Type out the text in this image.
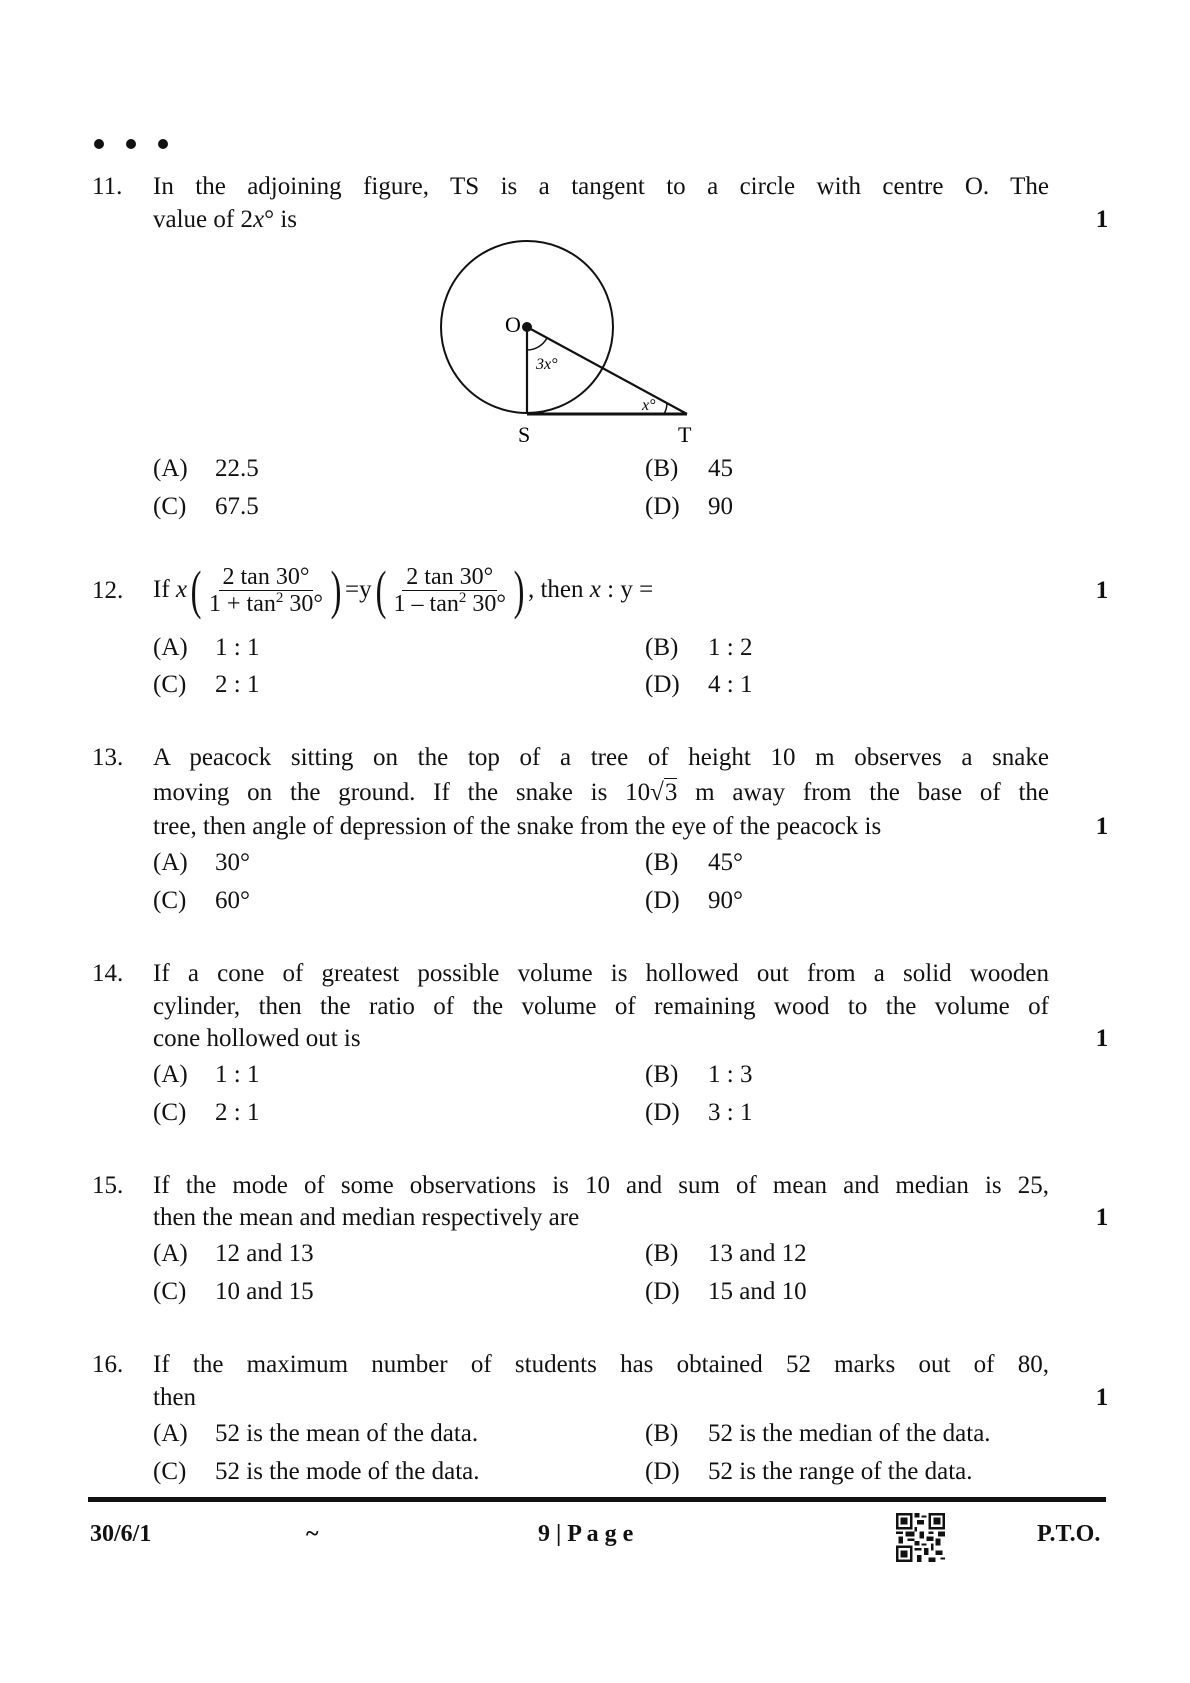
11. In the adjoining figure, TS is a tangent to a circle with centre O. The
value of 2x° is	1
O
3x°
x°
S	T
(A) 22.5	(B) 45
(C) 67.5	(D) 90
12. If
x ( $\frac{2 \tan 30^\circ}{1 + \tan^2 30^\circ}$ ) = y ( $\frac{2 \tan 30^\circ}{1 - \tan^2 30^\circ}$ ) , then x : y =	1
(A) 1 : 1	(B) 1 : 2
(C) 2 : 1	(D) 4 : 1
13. A peacock sitting on the top of a tree of height 10 m observes a snake
moving on the ground. If the snake is 10√3 m away from the base of the
tree, then angle of depression of the snake from the eye of the peacock is	1
(A) 30°	(B) 45°
(C) 60°	(D) 90°
14. If a cone of greatest possible volume is hollowed out from a solid wooden
cylinder, then the ratio of the volume of remaining wood to the volume of
cone hollowed out is	1
(A) 1 : 1	(B) 1 : 3
(C) 2 : 1	(D) 3 : 1
15. If the mode of some observations is 10 and sum of mean and median is 25,
then the mean and median respectively are	1
(A) 12 and 13	(B) 13 and 12
(C) 10 and 15	(D) 15 and 10
16. If the maximum number of students has obtained 52 marks out of 80,
then	1
(A) 52 is the mean of the data.	(B) 52 is the median of the data.
(C) 52 is the mode of the data.	(D) 52 is the range of the data.
30/6/1	~	9 | P a g e	P.T.O.
